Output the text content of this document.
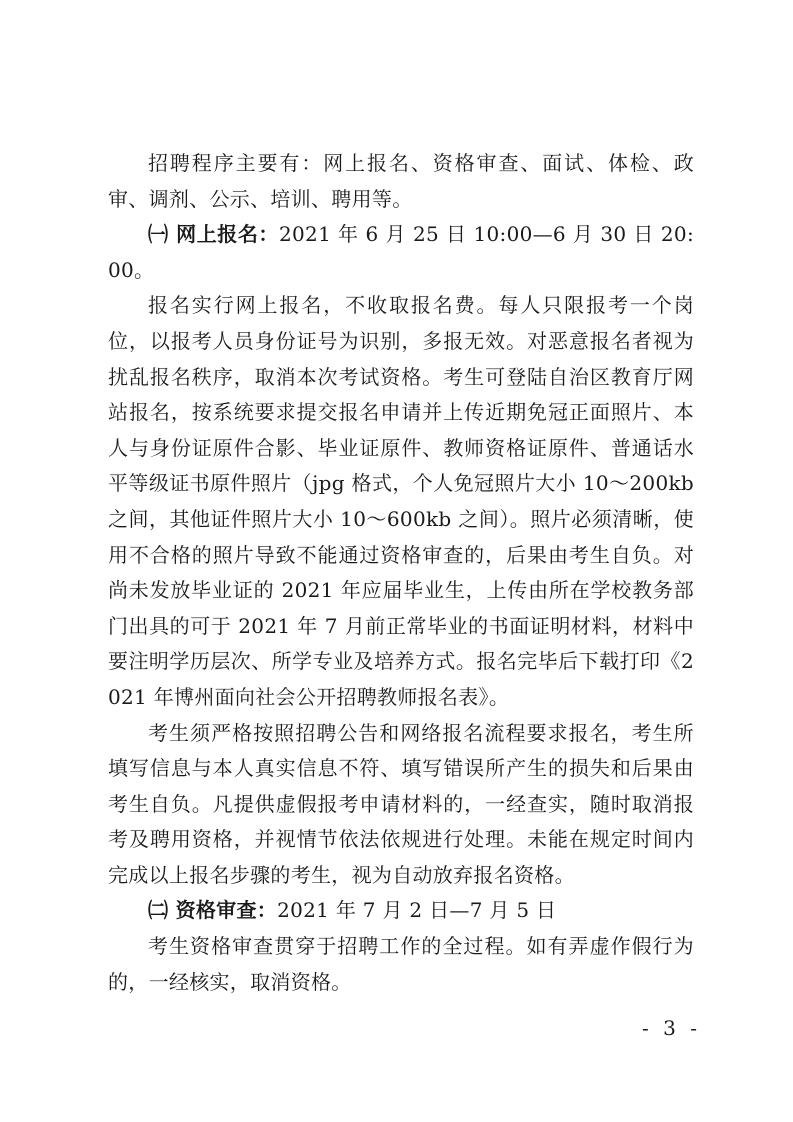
招聘程序主要有：网上报名、资格审查、面试、体检、政审、调剂、公示、培训、聘用等。

㈠ 网上报名：2021 年 6 月 25 日 10:00—6 月 30 日 20:00。

报名实行网上报名，不收取报名费。每人只限报考一个岗位，以报考人员身份证号为识别，多报无效。对恶意报名者视为扰乱报名秩序，取消本次考试资格。考生可登陆自治区教育厅网站报名，按系统要求提交报名申请并上传近期免冠正面照片、本人与身份证原件合影、毕业证原件、教师资格证原件、普通话水平等级证书原件照片（jpg 格式，个人免冠照片大小 10～200kb 之间，其他证件照片大小 10～600kb 之间）。照片必须清晰，使用不合格的照片导致不能通过资格审查的，后果由考生自负。对尚未发放毕业证的 2021 年应届毕业生，上传由所在学校教务部门出具的可于 2021 年 7 月前正常毕业的书面证明材料，材料中要注明学历层次、所学专业及培养方式。报名完毕后下载打印《2021 年博州面向社会公开招聘教师报名表》。

考生须严格按照招聘公告和网络报名流程要求报名，考生所填写信息与本人真实信息不符、填写错误所产生的损失和后果由考生自负。凡提供虚假报考申请材料的，一经查实，随时取消报考及聘用资格，并视情节依法依规进行处理。未能在规定时间内完成以上报名步骤的考生，视为自动放弃报名资格。

㈡ 资格审查：2021 年 7 月 2 日—7 月 5 日

考生资格审查贯穿于招聘工作的全过程。如有弄虚作假行为的，一经核实，取消资格。

- 3 -
